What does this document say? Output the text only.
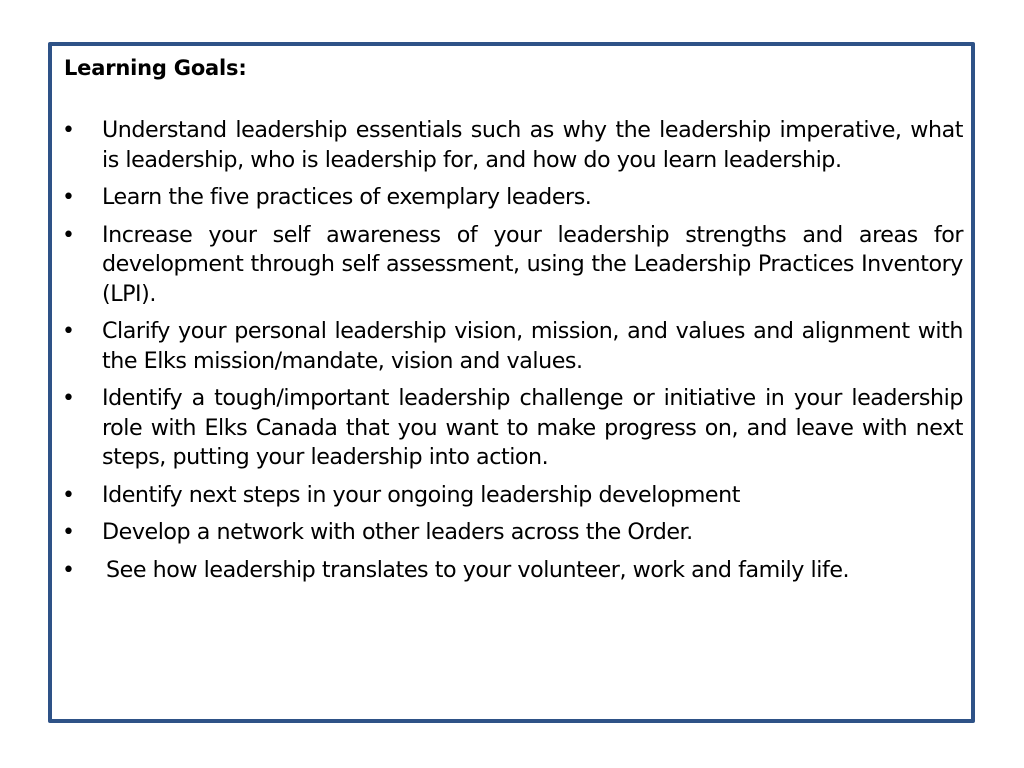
Learning Goals:
•	Understand leadership essentials such as why the leadership imperative, what is leadership, who is leadership for, and how do you learn leadership.
•	Learn the five practices of exemplary leaders.
•	Increase your self awareness of your leadership strengths and areas for development through self assessment, using the Leadership Practices Inventory (LPI).
•	Clarify your personal leadership vision, mission, and values and alignment with the Elks mission/mandate, vision and values.
•	Identify a tough/important leadership challenge or initiative in your leadership role with Elks Canada that you want to make progress on, and leave with next steps, putting your leadership into action.
•	Identify next steps in your ongoing leadership development
•	Develop a network with other leaders across the Order.
•	See how leadership translates to your volunteer, work and family life.
